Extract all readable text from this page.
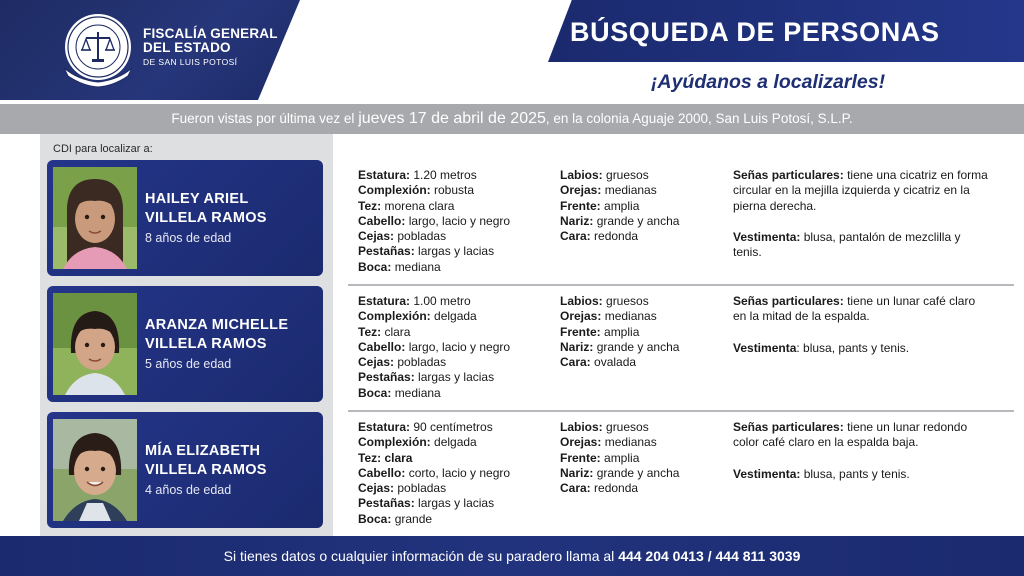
FISCALÍA GENERAL
DEL ESTADO
DE SAN LUIS POTOSÍ
BÚSQUEDA DE PERSONAS
¡Ayúdanos a localizarles!
Fueron vistas por última vez el jueves 17 de abril de 2025, en la colonia Aguaje 2000, San Luis Potosí, S.L.P.
CDI para localizar a:
HAILEY ARIEL
VILLELA RAMOS
8 años de edad
ARANZA MICHELLE
VILLELA RAMOS
5 años de edad
MÍA ELIZABETH
VILLELA RAMOS
4 años de edad
Estatura: 1.20 metros
Complexión: robusta
Tez: morena clara
Cabello: largo, lacio y negro
Cejas: pobladas
Pestañas: largas y lacias
Boca: mediana
Labios: gruesos
Orejas: medianas
Frente: amplia
Nariz: grande y ancha
Cara: redonda
Señas particulares: tiene una cicatriz en forma circular en la mejilla izquierda y cicatriz en la pierna derecha.
Vestimenta: blusa, pantalón de mezclilla y tenis.
Estatura: 1.00 metro
Complexión: delgada
Tez: clara
Cabello: largo, lacio y negro
Cejas: pobladas
Pestañas: largas y lacias
Boca: mediana
Labios: gruesos
Orejas: medianas
Frente: amplia
Nariz: grande y ancha
Cara: ovalada
Señas particulares: tiene un lunar café claro en la mitad de la espalda.
Vestimenta: blusa, pants y tenis.
Estatura: 90 centímetros
Complexión: delgada
Tez: clara
Cabello: corto, lacio y negro
Cejas: pobladas
Pestañas: largas y lacias
Boca: grande
Labios: gruesos
Orejas: medianas
Frente: amplia
Nariz: grande y ancha
Cara: redonda
Señas particulares: tiene un lunar redondo color café claro en la espalda baja.
Vestimenta: blusa, pants y tenis.
Si tienes datos o cualquier información de su paradero llama al 444 204 0413 / 444 811 3039
